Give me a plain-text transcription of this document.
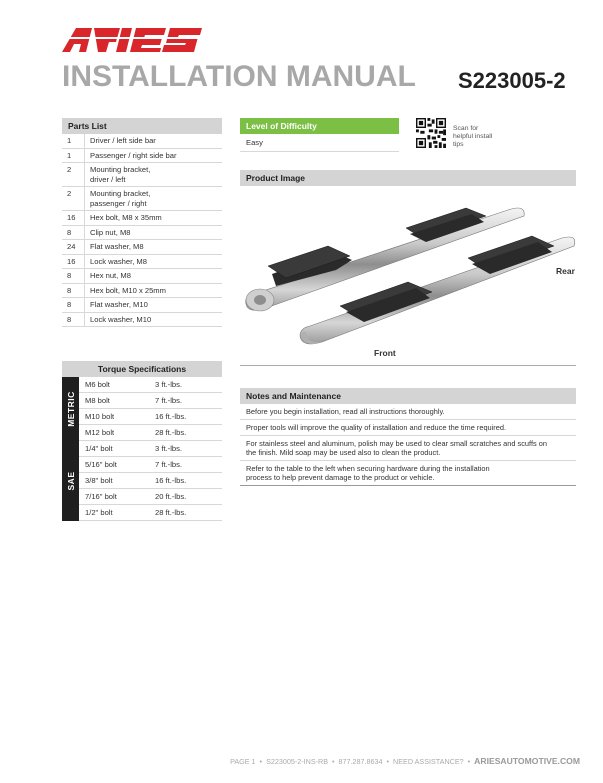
INSTALLATION MANUAL S223005-2
Parts List
1	Driver / left side bar
1	Passenger / right side bar
2	Mounting bracket, driver / left
2	Mounting bracket, passenger / right
16	Hex bolt, M8 x 35mm
8	Clip nut, M8
24	Flat washer, M8
16	Lock washer, M8
8	Hex nut, M8
8	Hex bolt, M10 x 25mm
8	Flat washer, M10
8	Lock washer, M10
Torque Specifications
METRIC
M6 bolt	3 ft.-lbs.
M8 bolt	7 ft.-lbs.
M10 bolt	16 ft.-lbs.
M12 bolt	28 ft.-lbs.
SAE
1/4" bolt	3 ft.-lbs.
5/16" bolt	7 ft.-lbs.
3/8" bolt	16 ft.-lbs.
7/16" bolt	20 ft.-lbs.
1/2" bolt	28 ft.-lbs.
Level of Difficulty
Easy
Scan for helpful install tips
Product Image
Rear
Front
Notes and Maintenance
Before you begin installation, read all instructions thoroughly.
Proper tools will improve the quality of installation and reduce the time required.
For stainless steel and aluminum, polish may be used to clear small scratches and scuffs on the finish. Mild soap may be used also to clean the product.
Refer to the table to the left when securing hardware during the installation process to help prevent damage to the product or vehicle.
PAGE 1 • S223005-2-INS-RB • 877.287.8634 • NEED ASSISTANCE? • ARIESAUTOMOTIVE.COM
